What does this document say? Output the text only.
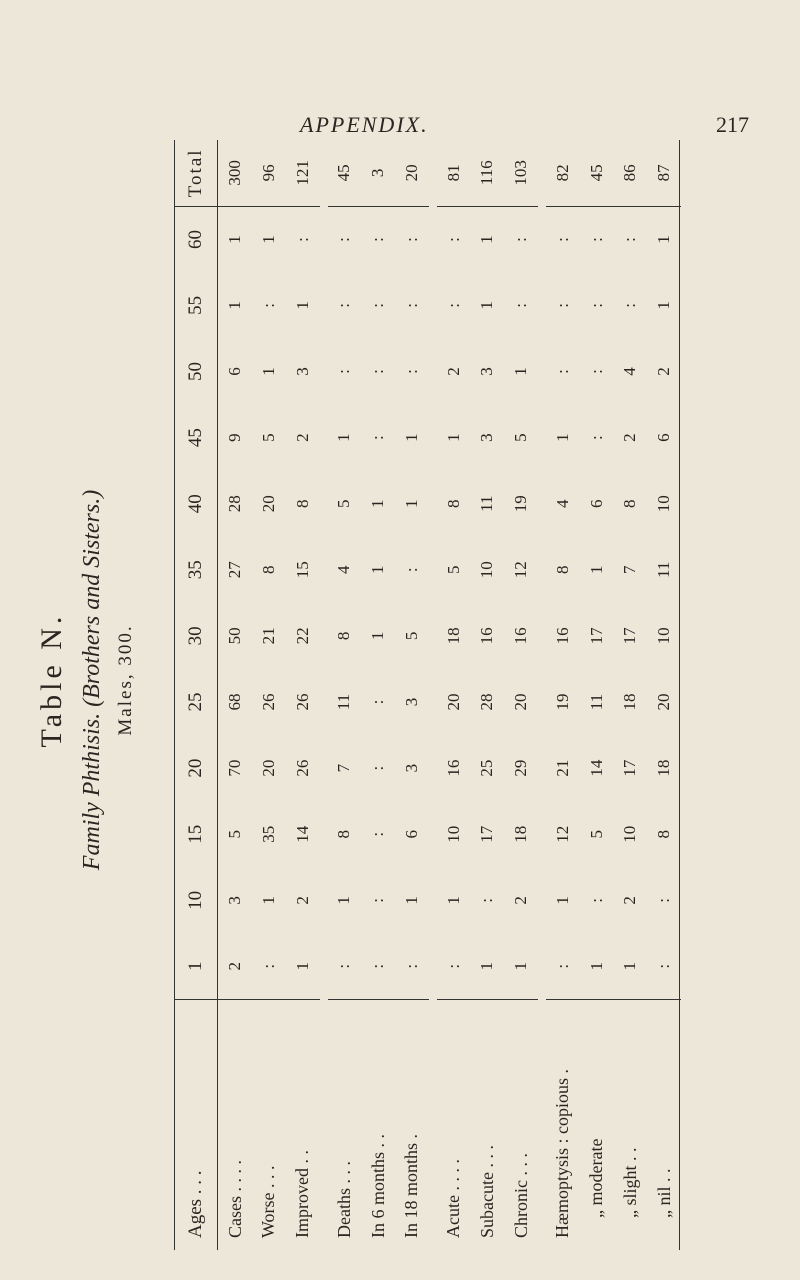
APPENDIX.	217
Table N. Family Phthisis. (Brothers and Sisters.) Males, 300.
Ages . . .	1	10	15	20	25	30	35	40	45	50	55	60	Total
Cases . . . .	2	3	5	70	68	50	27	28	9	6	1	1	300
Worse . . .	:	1	35	20	26	21	8	20	5	1	:	1	96
Improved . .	1	2	14	26	26	22	15	8	2	3	1	:	121

Deaths . . .	:	1	8	7	11	8	4	5	1	:	:	:	45
In 6 months . .	:	:	:	:	:	1	1	1	:	:	:	:	3
In 18 months .	:	1	6	3	3	5	:	1	1	:	:	:	20

Acute . . . .	:	1	10	16	20	18	5	8	1	2	:	:	81
Subacute . . .	1	:	17	25	28	16	10	11	3	3	1	1	116
Chronic . . .	1	2	18	29	20	16	12	19	5	1	:	:	103

Hæmoptysis : copious .	:	1	12	21	19	16	8	4	1	:	:	:	82
„ moderate	1	:	5	14	11	17	1	6	:	:	:	:	45
„ slight . .	1	2	10	17	18	17	7	8	2	4	:	:	86
„ nil . .	:	:	8	18	20	10	11	10	6	2	1	1	87
